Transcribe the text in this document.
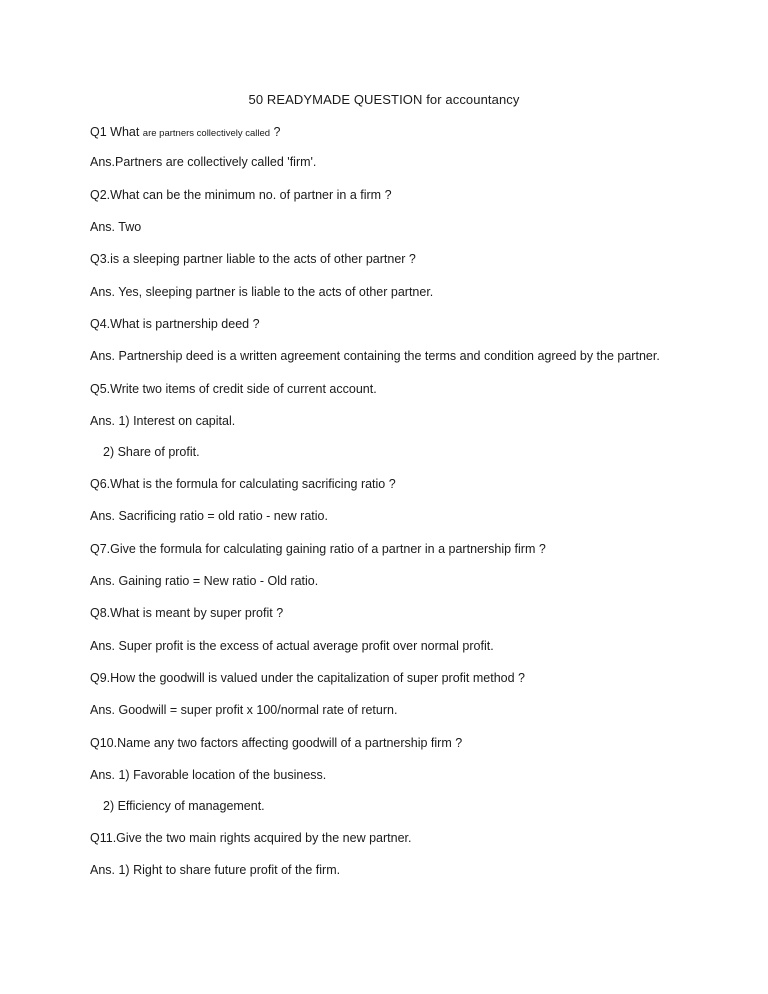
50 READYMADE QUESTION for accountancy
Q1 What are partners collectively called ?
Ans.Partners are collectively called 'firm'.
Q2.What can be the minimum no. of partner in a firm ?
Ans. Two
Q3.is a sleeping partner liable to the acts of other partner ?
Ans. Yes, sleeping partner is liable to the acts of other partner.
Q4.What is partnership deed ?
Ans. Partnership deed is a written agreement containing the terms and condition agreed by the partner.
Q5.Write two items of credit side of current account.
Ans. 1) Interest on capital.
2) Share of profit.
Q6.What is the formula for calculating sacrificing ratio ?
Ans. Sacrificing ratio = old ratio - new ratio.
Q7.Give the formula for calculating gaining ratio of a partner in a partnership firm ?
Ans. Gaining ratio = New ratio - Old ratio.
Q8.What is meant by super profit ?
Ans. Super profit is the excess of actual average profit over normal profit.
Q9.How the goodwill is valued under the capitalization of super profit method ?
Ans. Goodwill = super profit x 100/normal rate of return.
Q10.Name any two factors affecting goodwill of a partnership firm ?
Ans. 1) Favorable location of the business.
2) Efficiency of management.
Q11.Give the two main rights acquired by the new partner.
Ans. 1) Right to share future profit of the firm.
